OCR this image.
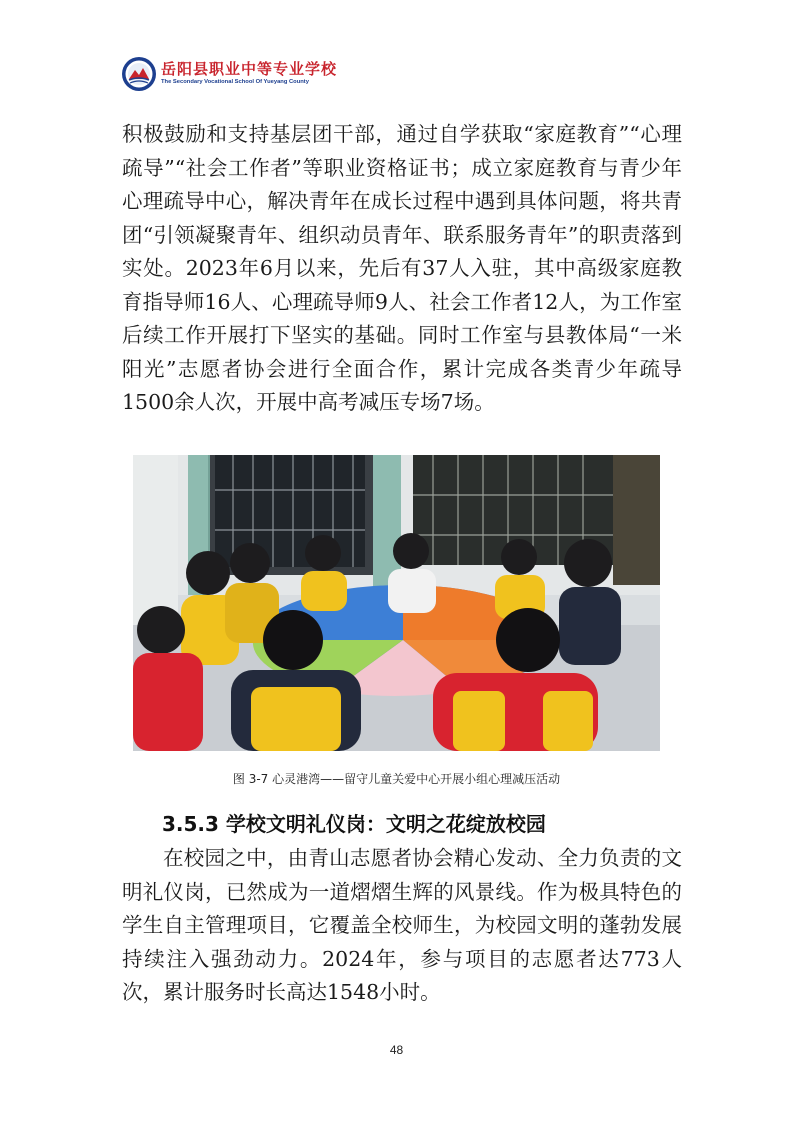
岳阳县职业中等专业学校
The Secondary Vocational School Of Yueyang County

积极鼓励和支持基层团干部，通过自学获取“家庭教育”“心理疏导”“社会工作者”等职业资格证书；成立家庭教育与青少年心理疏导中心，解决青年在成长过程中遇到具体问题，将共青团“引领凝聚青年、组织动员青年、联系服务青年”的职责落到实处。2023年6月以来，先后有37人入驻，其中高级家庭教育指导师16人、心理疏导师9人、社会工作者12人，为工作室后续工作开展打下坚实的基础。同时工作室与县教体局“一米阳光”志愿者协会进行全面合作，累计完成各类青少年疏导1500余人次，开展中高考减压专场7场。

图 3-7 心灵港湾——留守儿童关爱中心开展小组心理减压活动
3.5.3 学校文明礼仪岗：文明之花绽放校园

在校园之中，由青山志愿者协会精心发动、全力负责的文明礼仪岗，已然成为一道熠熠生辉的风景线。作为极具特色的学生自主管理项目，它覆盖全校师生，为校园文明的蓬勃发展持续注入强劲动力。2024年，参与项目的志愿者达773人次，累计服务时长高达1548小时。

48
